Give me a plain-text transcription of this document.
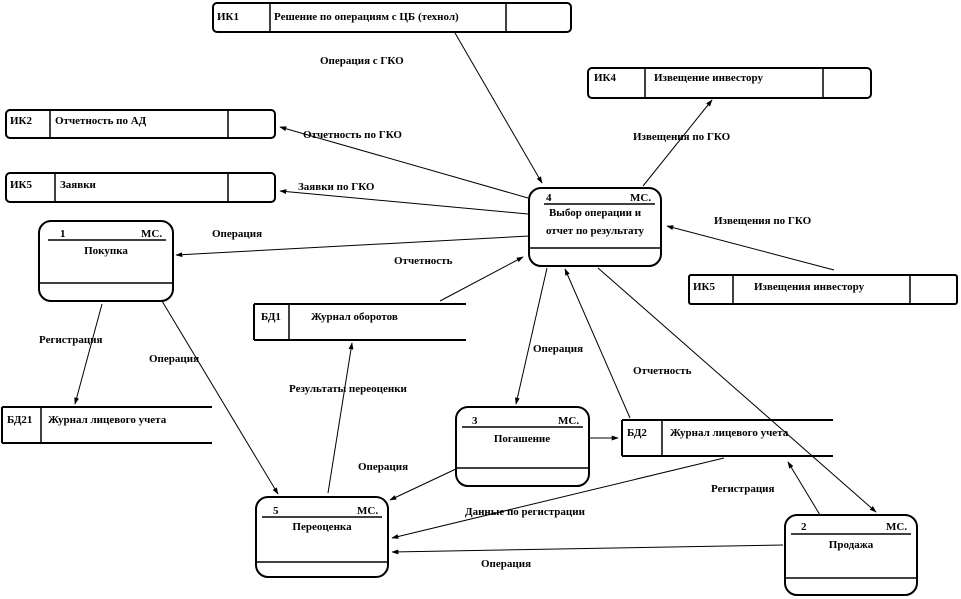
ИК1	Решение по операциям с ЦБ (технол)
ИК2 Отчетность по АД
ИК5	Заявки
ИК4	Извещение инвестору
ИК5	Извещения инвестору
4	МС.
Выбор операции и
отчет по результату
1	МС.
Покупка
3	МС.
Погашение
5	МС.
Переоценка	2	МС.
Продажа
БД1	Журнал оборотов
БД21 Журнал лицевого учета
БД2 Журнал лицевого учета
Операция с ГКО
Отчетность по ГКО
Заявки по ГКО
Операция
Отчетность
Извещения по ГКО
Извещения по ГКО
Регистрация
Операция
Результаты переоценки
Операция
Отчетность
Операция
Данные по регистрации
Регистрация
Операция
